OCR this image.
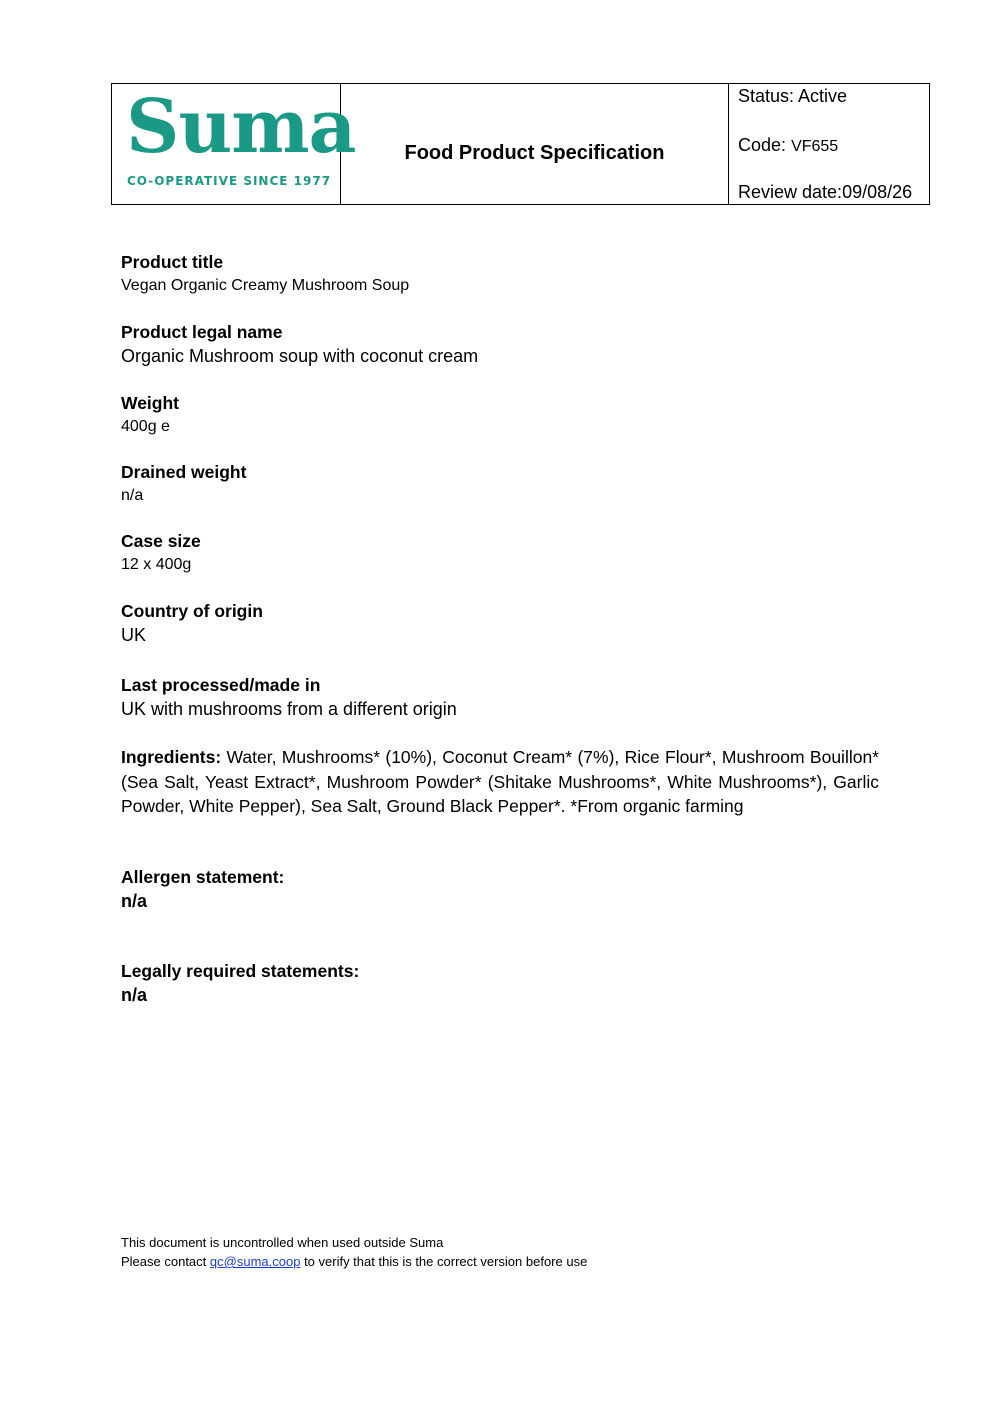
Suma
CO-OPERATIVE SINCE 1977
Food Product Specification
Status: Active
Code: VF655
Review date:09/08/26
Product title
Vegan Organic Creamy Mushroom Soup
Product legal name
Organic Mushroom soup with coconut cream
Weight
400g e
Drained weight
n/a
Case size
12 x 400g
Country of origin
UK
Last processed/made in
UK with mushrooms from a different origin
Ingredients: Water, Mushrooms* (10%), Coconut Cream* (7%), Rice Flour*, Mushroom Bouillon* (Sea Salt, Yeast Extract*, Mushroom Powder* (Shitake Mushrooms*, White Mushrooms*), Garlic Powder, White Pepper), Sea Salt, Ground Black Pepper*. *From organic farming
Allergen statement:
n/a
Legally required statements:
n/a
This document is uncontrolled when used outside Suma
Please contact qc@suma.coop to verify that this is the correct version before use
